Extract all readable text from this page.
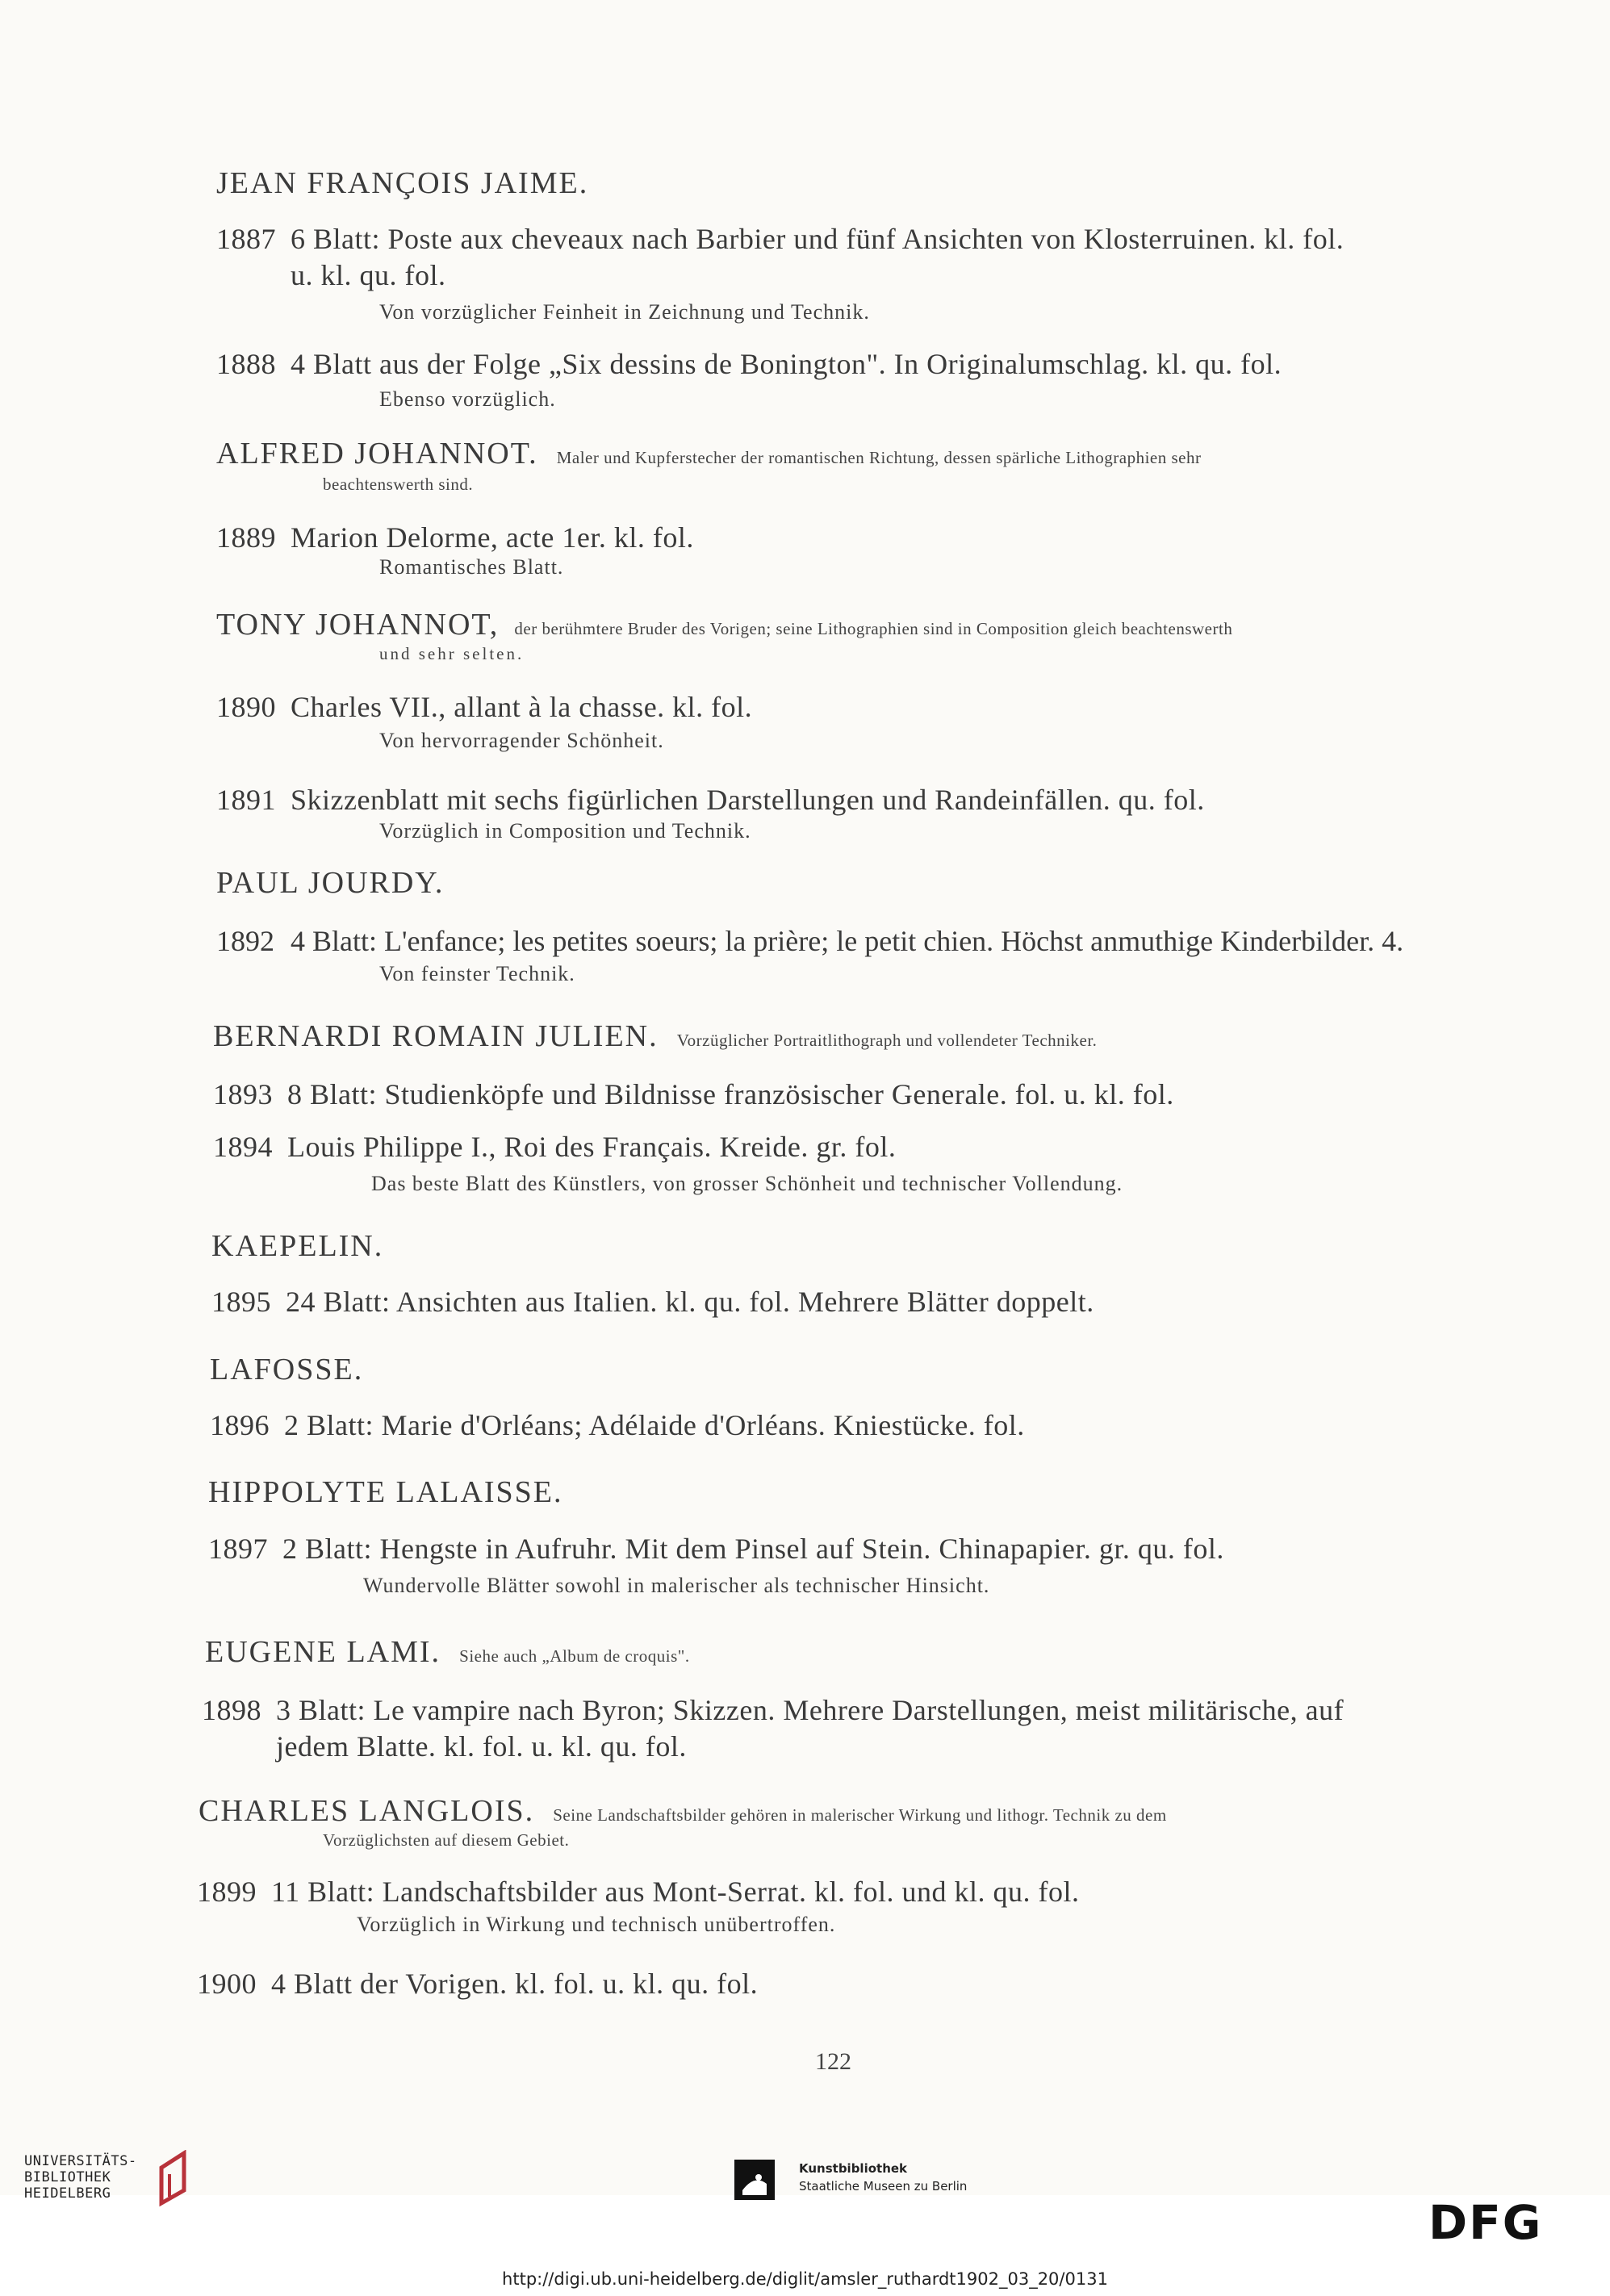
JEAN FRANÇOIS JAIME.
1887 6 Blatt: Poste aux cheveaux nach Barbier und fünf Ansichten von Klosterruinen. kl. fol.
u. kl. qu. fol.
Von vorzüglicher Feinheit in Zeichnung und Technik.
1888 4 Blatt aus der Folge „Six dessins de Bonington". In Originalumschlag. kl. qu. fol.
Ebenso vorzüglich.
ALFRED JOHANNOT. Maler und Kupferstecher der romantischen Richtung, dessen spärliche Lithographien sehr
beachtenswerth sind.
1889 Marion Delorme, acte 1er. kl. fol.
Romantisches Blatt.
TONY JOHANNOT, der berühmtere Bruder des Vorigen; seine Lithographien sind in Composition gleich beachtenswerth
und sehr selten.
1890 Charles VII., allant à la chasse. kl. fol.
Von hervorragender Schönheit.
1891 Skizzenblatt mit sechs figürlichen Darstellungen und Randeinfällen. qu. fol.
Vorzüglich in Composition und Technik.
PAUL JOURDY.
1892 4 Blatt: L'enfance; les petites soeurs; la prière; le petit chien. Höchst anmuthige Kinderbilder. 4.
Von feinster Technik.
BERNARDI ROMAIN JULIEN. Vorzüglicher Portraitlithograph und vollendeter Techniker.
1893 8 Blatt: Studienköpfe und Bildnisse französischer Generale. fol. u. kl. fol.
1894 Louis Philippe I., Roi des Français. Kreide. gr. fol.
Das beste Blatt des Künstlers, von grosser Schönheit und technischer Vollendung.
KAEPELIN.
1895 24 Blatt: Ansichten aus Italien. kl. qu. fol. Mehrere Blätter doppelt.
LAFOSSE.
1896 2 Blatt: Marie d'Orléans; Adélaide d'Orléans. Kniestücke. fol.
HIPPOLYTE LALAISSE.
1897 2 Blatt: Hengste in Aufruhr. Mit dem Pinsel auf Stein. Chinapapier. gr. qu. fol.
Wundervolle Blätter sowohl in malerischer als technischer Hinsicht.
EUGENE LAMI. Siehe auch „Album de croquis".
1898 3 Blatt: Le vampire nach Byron; Skizzen. Mehrere Darstellungen, meist militärische, auf
jedem Blatte. kl. fol. u. kl. qu. fol.
CHARLES LANGLOIS. Seine Landschaftsbilder gehören in malerischer Wirkung und lithogr. Technik zu dem
Vorzüglichsten auf diesem Gebiet.
1899 11 Blatt: Landschaftsbilder aus Mont-Serrat. kl. fol. und kl. qu. fol.
Vorzüglich in Wirkung und technisch unübertroffen.
1900 4 Blatt der Vorigen. kl. fol. u. kl. qu. fol.
122
UNIVERSITÄTS-
BIBLIOTHEK
HEIDELBERG
Kunstbibliothek
Staatliche Museen zu Berlin
DFG
http://digi.ub.uni-heidelberg.de/diglit/amsler_ruthardt1902_03_20/0131
